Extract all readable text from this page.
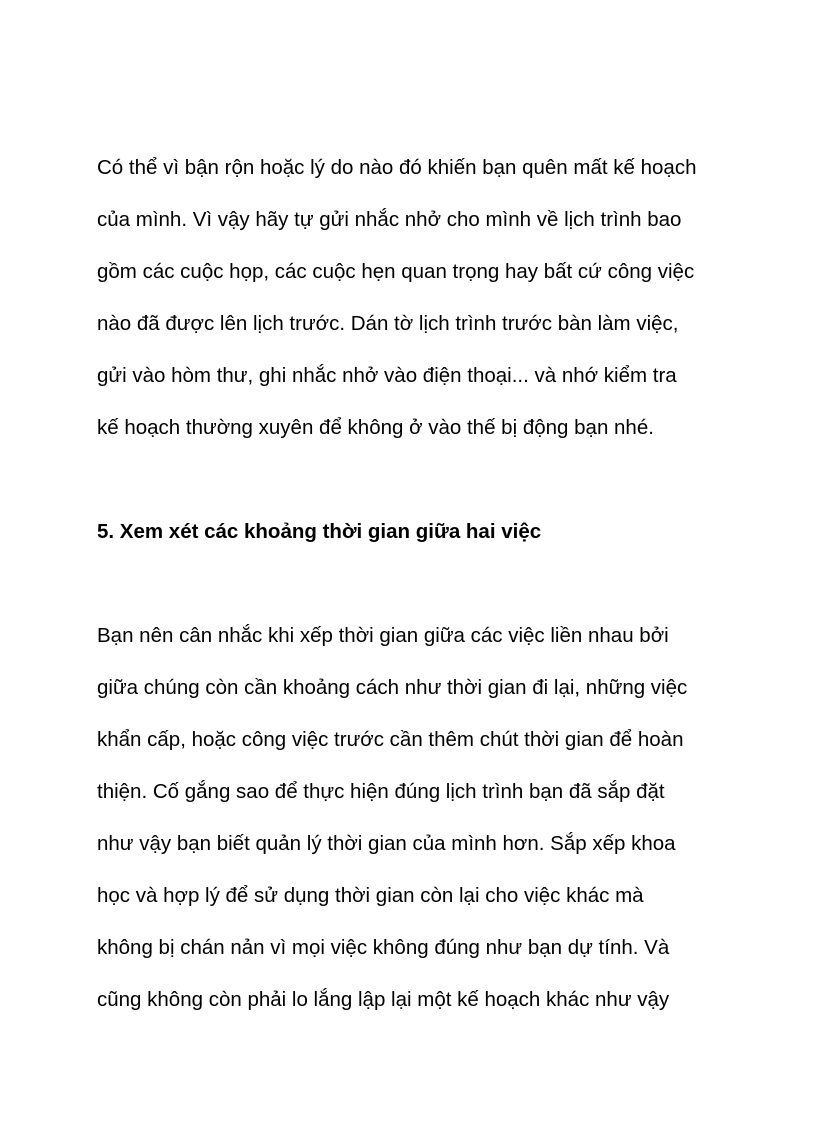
Có thể vì bận rộn hoặc lý do nào đó khiến bạn quên mất kế hoạch
của mình. Vì vậy hãy tự gửi nhắc nhở cho mình về lịch trình bao
gồm các cuộc họp, các cuộc hẹn quan trọng hay bất cứ công việc
nào đã được lên lịch trước. Dán tờ lịch trình trước bàn làm việc,
gửi vào hòm thư, ghi nhắc nhở vào điện thoại... và nhớ kiểm tra
kế hoạch thường xuyên để không ở vào thế bị động bạn nhé.
5. Xem xét các khoảng thời gian giữa hai việc
Bạn nên cân nhắc khi xếp thời gian giữa các việc liền nhau bởi
giữa chúng còn cần khoảng cách như thời gian đi lại, những việc
khẩn cấp, hoặc công việc trước cần thêm chút thời gian để hoàn
thiện. Cố gắng sao để thực hiện đúng lịch trình bạn đã sắp đặt
như vậy bạn biết quản lý thời gian của mình hơn. Sắp xếp khoa
học và hợp lý để sử dụng thời gian còn lại cho việc khác mà
không bị chán nản vì mọi việc không đúng như bạn dự tính. Và
cũng không còn phải lo lắng lập lại một kế hoạch khác như vậy
